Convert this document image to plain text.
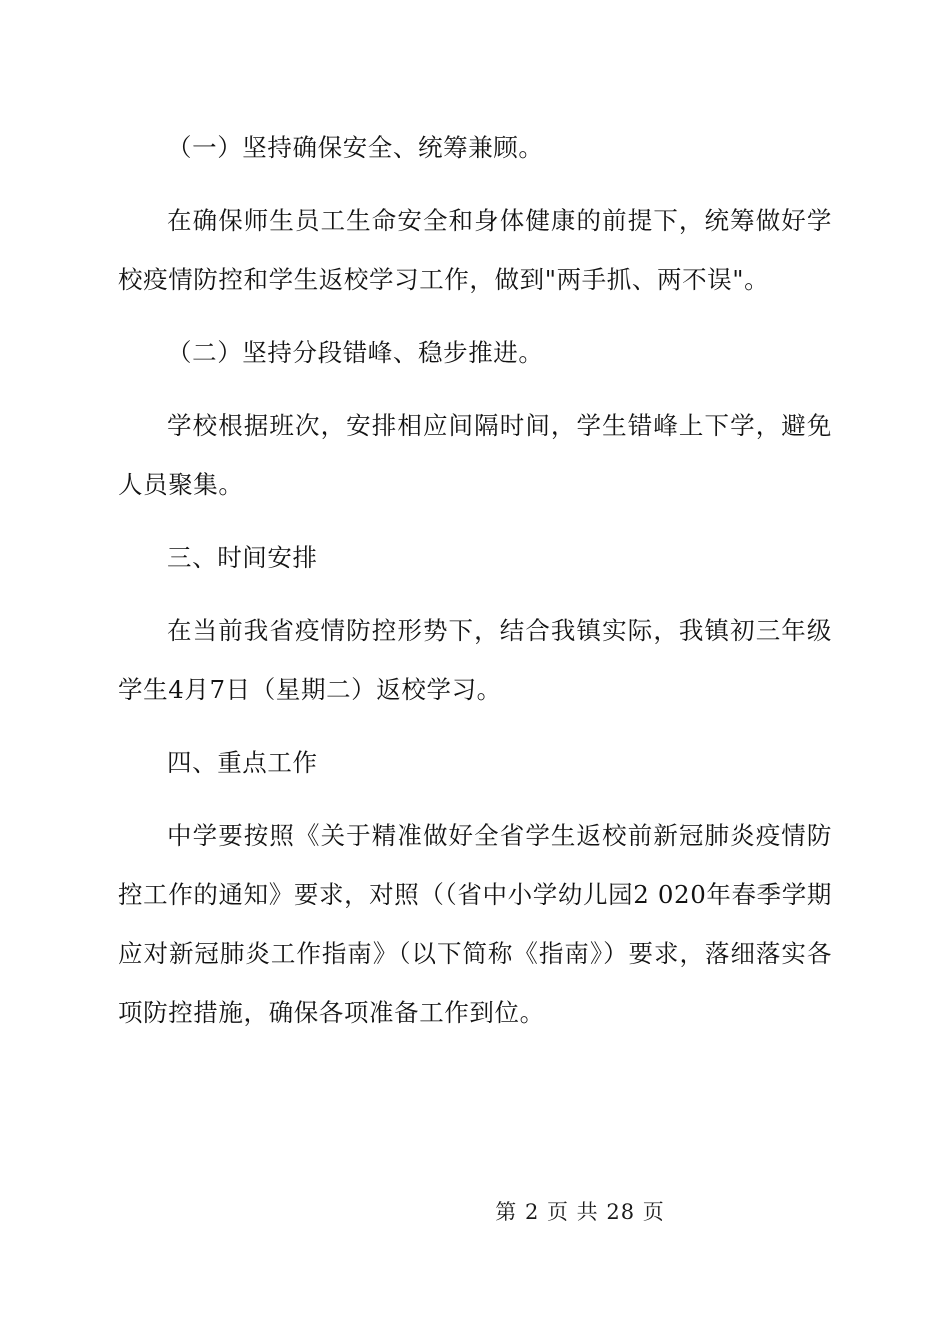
（一）坚持确保安全、统筹兼顾。

在确保师生员工生命安全和身体健康的前提下，统筹做好学校疫情防控和学生返校学习工作，做到"两手抓、两不误"。

（二）坚持分段错峰、稳步推进。

学校根据班次，安排相应间隔时间，学生错峰上下学，避免人员聚集。

三、时间安排

在当前我省疫情防控形势下，结合我镇实际，我镇初三年级学生4月7日（星期二）返校学习。

四、重点工作

中学要按照《关于精准做好全省学生返校前新冠肺炎疫情防控工作的通知》要求，对照（（省中小学幼儿园2 020年春季学期应对新冠肺炎工作指南》（以下简称《指南》）要求，落细落实各项防控措施，确保各项准备工作到位。

第 2 页 共 28 页
